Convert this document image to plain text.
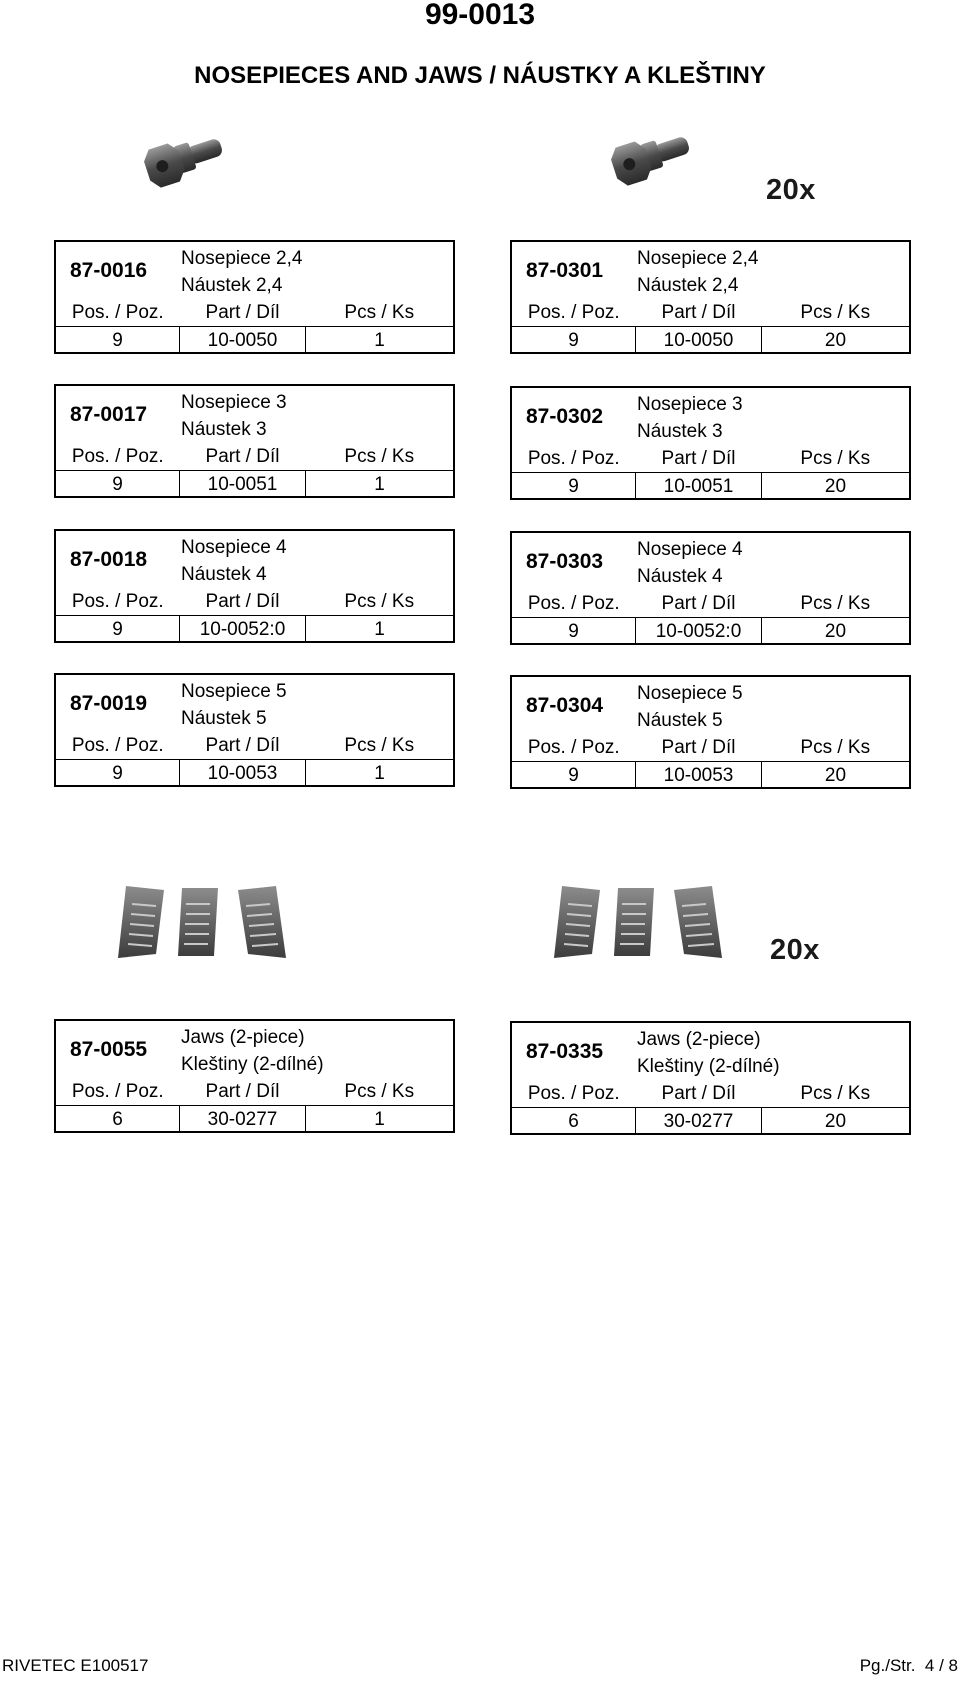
99-0013
NOSEPIECES AND JAWS / NÁUSTKY A KLEŠTINY
20x
20x
87-0016
Nosepiece 2,4
Náustek 2,4
Pos. / Poz.	Part / Díl	Pcs / Ks
9	10-0050	1
87-0301
Nosepiece 2,4
Náustek 2,4
Pos. / Poz.	Part / Díl	Pcs / Ks
9	10-0050	20
87-0017
Nosepiece 3
Náustek 3
Pos. / Poz.	Part / Díl	Pcs / Ks
9	10-0051	1
87-0302
Nosepiece 3
Náustek 3
Pos. / Poz.	Part / Díl	Pcs / Ks
9	10-0051	20
87-0018
Nosepiece 4
Náustek 4
Pos. / Poz.	Part / Díl	Pcs / Ks
9	10-0052:0	1
87-0303
Nosepiece 4
Náustek 4
Pos. / Poz.	Part / Díl	Pcs / Ks
9	10-0052:0	20
87-0019
Nosepiece 5
Náustek 5
Pos. / Poz.	Part / Díl	Pcs / Ks
9	10-0053	1
87-0304
Nosepiece 5
Náustek 5
Pos. / Poz.	Part / Díl	Pcs / Ks
9	10-0053	20
87-0055
Jaws (2-piece)
Kleštiny (2-dílné)
Pos. / Poz.	Part / Díl	Pcs / Ks
6	30-0277	1
87-0335
Jaws (2-piece)
Kleštiny (2-dílné)
Pos. / Poz.	Part / Díl	Pcs / Ks
6	30-0277	20
RIVETEC E100517	Pg./Str.  4 / 8
